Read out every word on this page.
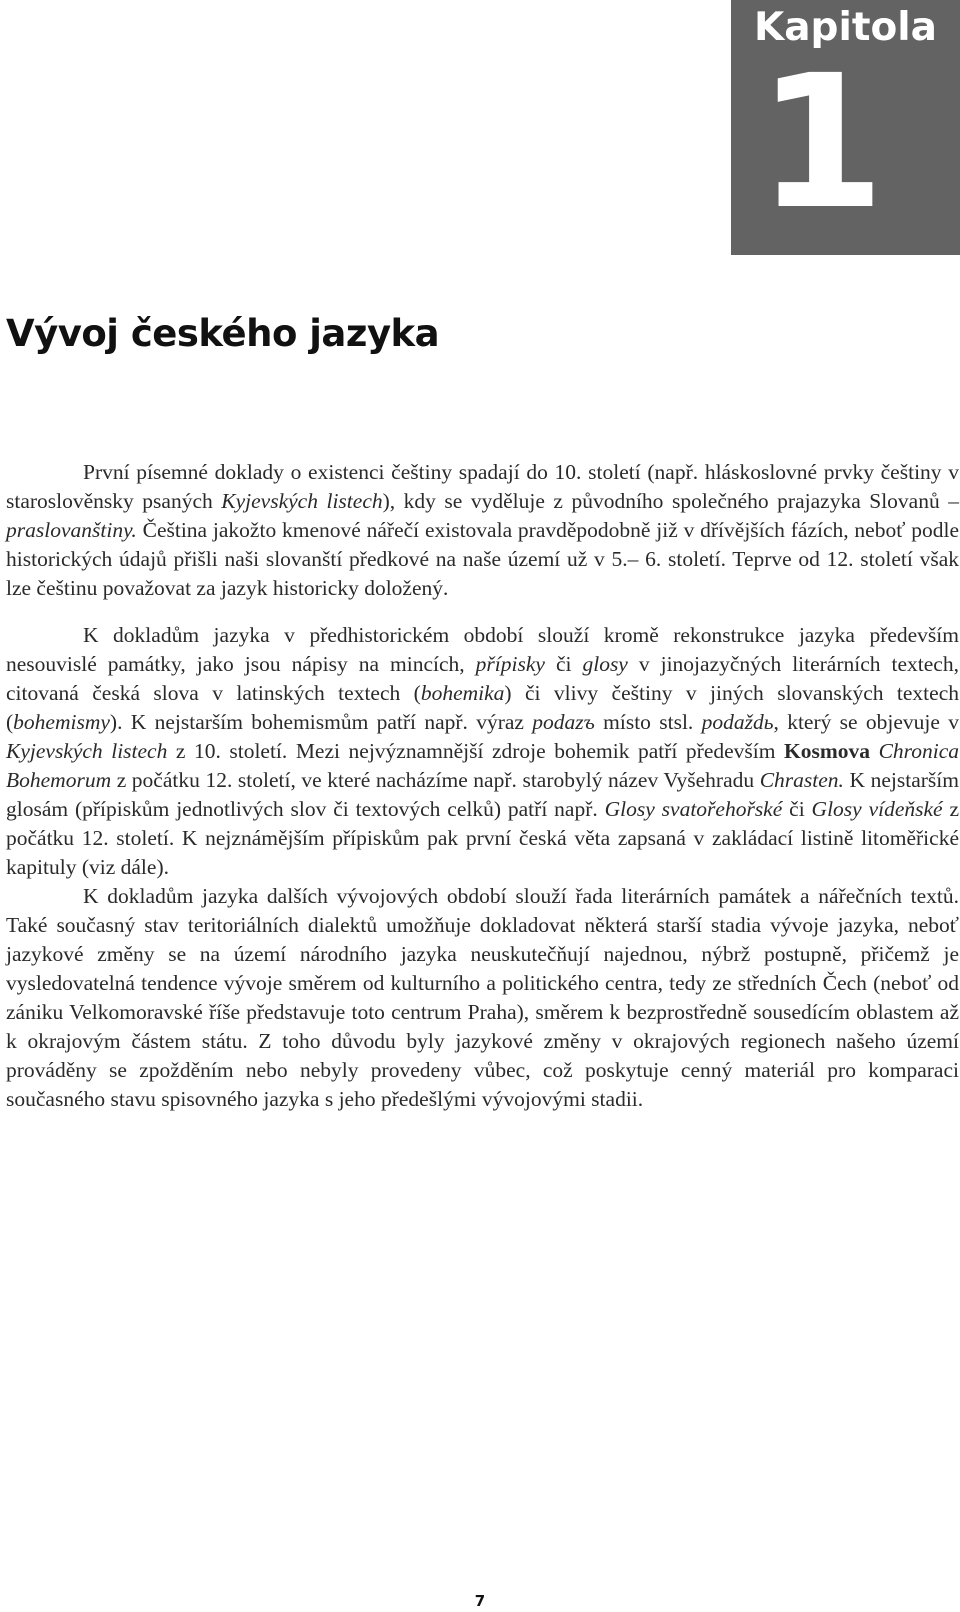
Kapitola
1
Vývoj českého jazyka

První písemné doklady o existenci češtiny spadají do 10. století (např. hláskoslovné prvky češtiny v staroslověnsky psaných Kyjevských listech), kdy se vyděluje z původního společného prajazyka Slovanů – praslovanštiny. Čeština jakožto kmenové nářečí existovala pravděpodobně již v dřívějších fázích, neboť podle historických údajů přišli naši slovanští předkové na naše území už v 5.– 6. století. Teprve od 12. století však lze češtinu považovat za jazyk historicky doložený.

K dokladům jazyka v předhistorickém období slouží kromě rekonstrukce jazyka především nesouvislé památky, jako jsou nápisy na mincích, přípisky či glosy v jinojazyčných literárních textech, citovaná česká slova v latinských textech (bohemika) či vlivy češtiny v jiných slovanských textech (bohemismy). K nejstarším bohemismům patří např. výraz podazъ místo stsl. podaždь, který se objevuje v Kyjevských listech z 10. století. Mezi nejvýznamnější zdroje bohemik patří především Kosmova Chronica Bohemorum z počátku 12. století, ve které nacházíme např. starobylý název Vyšehradu Chrasten. K nejstarším glosám (přípiskům jednotlivých slov či textových celků) patří např. Glosy svatořehořské či Glosy vídeňské z počátku 12. století. K nejznámějším přípiskům pak první česká věta zapsaná v zakládací listině litoměřické kapituly (viz dále).

K dokladům jazyka dalších vývojových období slouží řada literárních památek a nářečních textů. Také současný stav teritoriálních dialektů umožňuje dokladovat některá starší stadia vývoje jazyka, neboť jazykové změny se na území národního jazyka neuskutečňují najednou, nýbrž postupně, přičemž je vysledovatelná tendence vývoje směrem od kulturního a politického centra, tedy ze středních Čech (neboť od zániku Velkomoravské říše představuje toto centrum Praha), směrem k bezprostředně sousedícím oblastem až k okrajovým částem státu. Z toho důvodu byly jazykové změny v okrajových regionech našeho území prováděny se zpožděním nebo nebyly provedeny vůbec, což poskytuje cenný materiál pro komparaci současného stavu spisovného jazyka s jeho předešlými vývojovými stadii.

7
